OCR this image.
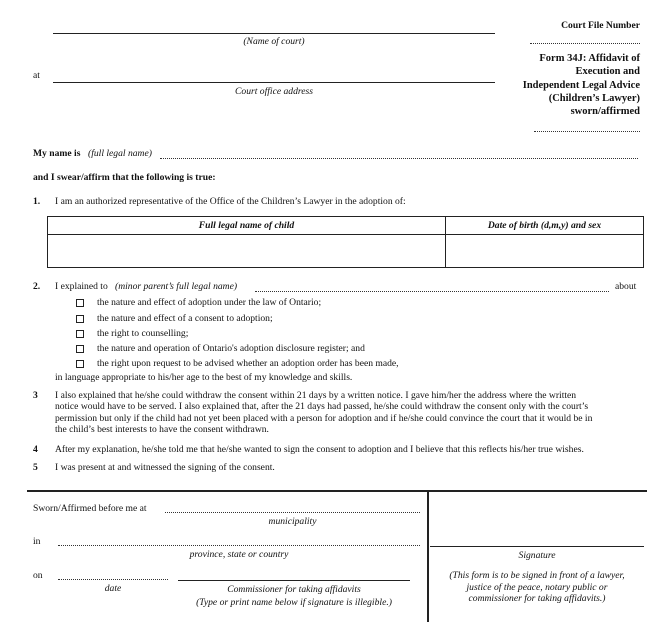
Court File Number
(Name of court)
at
Court office address
Form 34J: Affidavit of
Execution and
Independent Legal Advice
(Children’s Lawyer)
sworn/affirmed
My name is (full legal name)
and I swear/affirm that the following is true:
1. I am an authorized representative of the Office of the Children’s Lawyer in the adoption of:
Full legal name of child	Date of birth (d,m,y) and sex

2. I explained to (minor parent’s full legal name)	about
the nature and effect of adoption under the law of Ontario;
the nature and effect of a consent to adoption;
the right to counselling;
the nature and operation of Ontario's adoption disclosure register; and
the right upon request to be advised whether an adoption order has been made,
in language appropriate to his/her age to the best of my knowledge and skills.
3 I also explained that he/she could withdraw the consent within 21 days by a written notice. I gave him/her the address where the written

notice would have to be served. I also explained that, after the 21 days had passed, he/she could withdraw the consent only with the court’s

permission but only if the child had not yet been placed with a person for adoption and if he/she could convince the court that it would be in

the child’s best interests to have the consent withdrawn.

4 After my explanation, he/she told me that he/she wanted to sign the consent to adoption and I believe that this reflects his/her true wishes.
5 I was present at and witnessed the signing of the consent.
Sworn/Affirmed before me at
municipality
in
province, state or country
on
date	Commissioner for taking affidavits
(Type or print name below if signature is illegible.)
Signature
(This form is to be signed in front of a lawyer,
justice of the peace, notary public or
commissioner for taking affidavits.)
